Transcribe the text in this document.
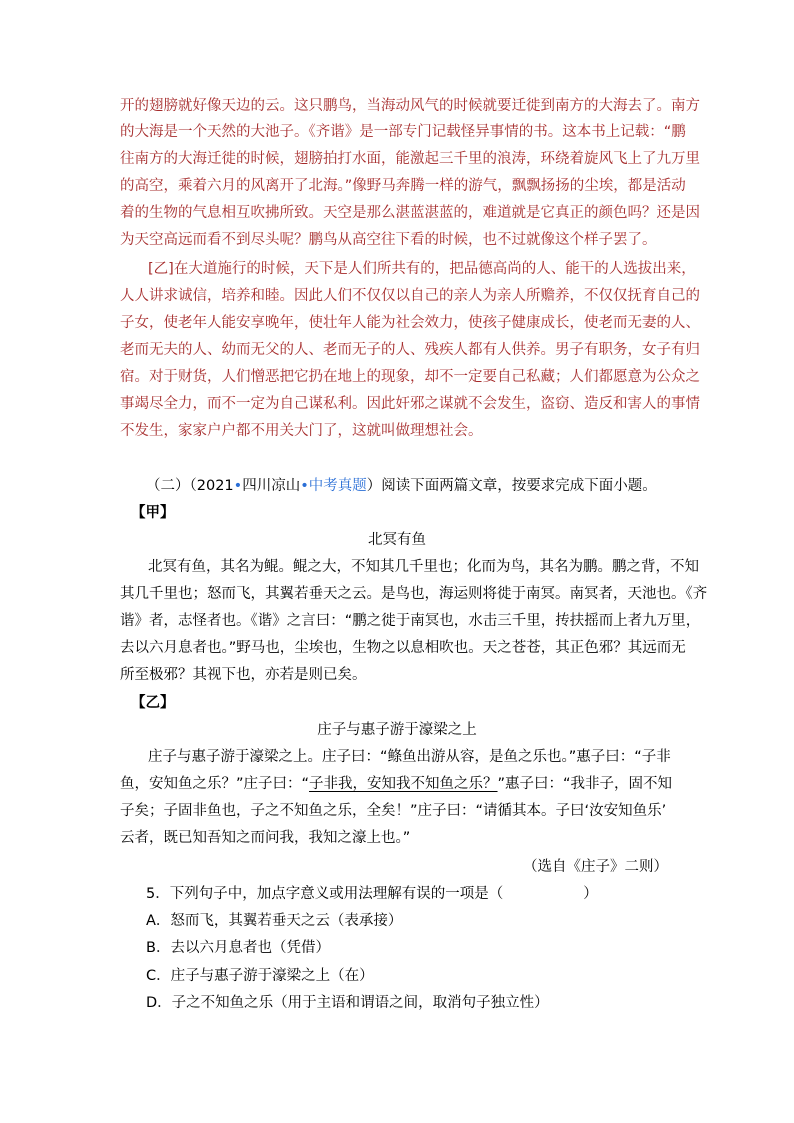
开的翅膀就好像天边的云。这只鹏鸟，当海动风气的时候就要迁徙到南方的大海去了。南方
的大海是一个天然的大池子。《齐谐》是一部专门记载怪异事情的书。这本书上记载：“鹏
往南方的大海迁徙的时候，翅膀拍打水面，能激起三千里的浪涛，环绕着旋风飞上了九万里
的高空，乘着六月的风离开了北海。”像野马奔腾一样的游气，飘飘扬扬的尘埃，都是活动
着的生物的气息相互吹拂所致。天空是那么湛蓝湛蓝的，难道就是它真正的颜色吗？还是因
为天空高远而看不到尽头呢？鹏鸟从高空往下看的时候，也不过就像这个样子罢了。
[乙]在大道施行的时候，天下是人们所共有的，把品德高尚的人、能干的人选拔出来，
人人讲求诚信，培养和睦。因此人们不仅仅以自己的亲人为亲人所赡养，不仅仅抚育自己的
子女，使老年人能安享晚年，使壮年人能为社会效力，使孩子健康成长，使老而无妻的人、
老而无夫的人、幼而无父的人、老而无子的人、残疾人都有人供养。男子有职务，女子有归
宿。对于财货，人们憎恶把它扔在地上的现象，却不一定要自己私藏；人们都愿意为公众之
事竭尽全力，而不一定为自己谋私利。因此奸邪之谋就不会发生，盗窃、造反和害人的事情
不发生，家家户户都不用关大门了，这就叫做理想社会。
（二）（2021•四川凉山•中考真题）阅读下面两篇文章，按要求完成下面小题。
【甲】
北冥有鱼
北冥有鱼，其名为鲲。鲲之大，不知其几千里也；化而为鸟，其名为鹏。鹏之背，不知
其几千里也；怒而飞，其翼若垂天之云。是鸟也，海运则将徙于南冥。南冥者，天池也。《齐
谐》者，志怪者也。《谐》之言曰：“鹏之徙于南冥也，水击三千里，抟扶摇而上者九万里，
去以六月息者也。”野马也，尘埃也，生物之以息相吹也。天之苍苍，其正色邪？其远而无
所至极邪？其视下也，亦若是则已矣。
【乙】
庄子与惠子游于濠梁之上
庄子与惠子游于濠梁之上。庄子曰：“鲦鱼出游从容，是鱼之乐也。”惠子曰：“子非
鱼，安知鱼之乐？”庄子曰：“子非我，安知我不知鱼之乐？”惠子曰：“我非子，固不知
子矣；子固非鱼也，子之不知鱼之乐，全矣！”庄子曰：“请循其本。子曰‘汝安知鱼乐’
云者，既已知吾知之而问我，我知之濠上也。”
（选自《庄子》二则）
5．下列句子中，加点字意义或用法理解有误的一项是（	）
A．怒而飞，其翼若垂天之云（表承接）
B．去以六月息者也（凭借）
C．庄子与惠子游于濠梁之上（在）
D．子之不知鱼之乐（用于主语和谓语之间，取消句子独立性）
